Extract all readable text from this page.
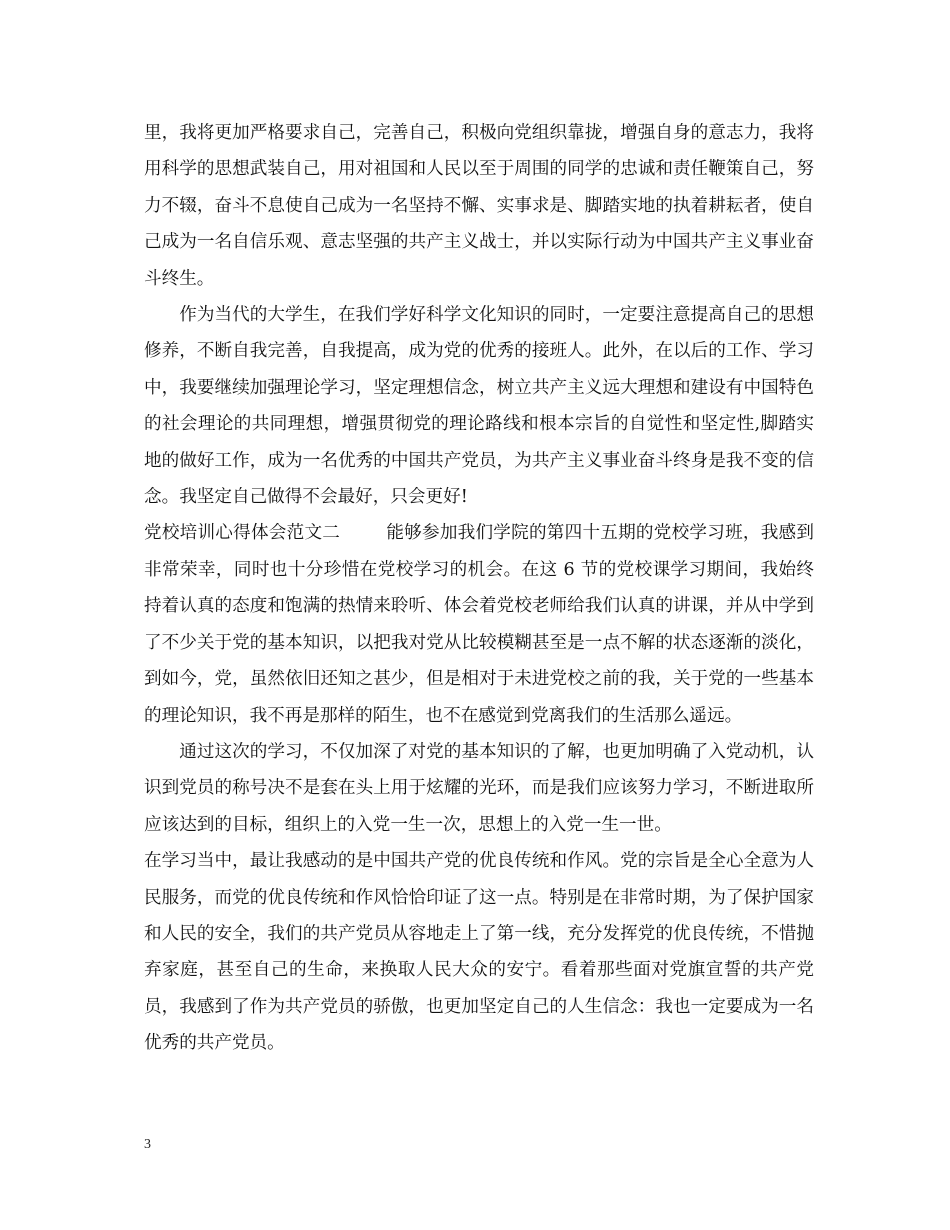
里，我将更加严格要求自己，完善自己，积极向党组织靠拢，增强自身的意志力，我将用科学的思想武装自己，用对祖国和人民以至于周围的同学的忠诚和责任鞭策自己，努力不辍，奋斗不息使自己成为一名坚持不懈、实事求是、脚踏实地的执着耕耘者，使自己成为一名自信乐观、意志坚强的共产主义战士，并以实际行动为中国共产主义事业奋斗终生。

作为当代的大学生，在我们学好科学文化知识的同时，一定要注意提高自己的思想修养，不断自我完善，自我提高，成为党的优秀的接班人。此外，在以后的工作、学习中，我要继续加强理论学习，坚定理想信念，树立共产主义远大理想和建设有中国特色的社会理论的共同理想，增强贯彻党的理论路线和根本宗旨的自觉性和坚定性,脚踏实地的做好工作，成为一名优秀的中国共产党员，为共产主义事业奋斗终身是我不变的信念。我坚定自己做得不会最好，只会更好!

党校培训心得体会范文二	能够参加我们学院的第四十五期的党校学习班，我感到非常荣幸，同时也十分珍惜在党校学习的机会。在这 6 节的党校课学习期间，我始终持着认真的态度和饱满的热情来聆听、体会着党校老师给我们认真的讲课，并从中学到了不少关于党的基本知识，以把我对党从比较模糊甚至是一点不解的状态逐渐的淡化，到如今，党，虽然依旧还知之甚少，但是相对于未进党校之前的我，关于党的一些基本的理论知识，我不再是那样的陌生，也不在感觉到党离我们的生活那么遥远。

通过这次的学习，不仅加深了对党的基本知识的了解，也更加明确了入党动机，认识到党员的称号决不是套在头上用于炫耀的光环，而是我们应该努力学习，不断进取所应该达到的目标，组织上的入党一生一次，思想上的入党一生一世。

在学习当中，最让我感动的是中国共产党的优良传统和作风。党的宗旨是全心全意为人民服务，而党的优良传统和作风恰恰印证了这一点。特别是在非常时期，为了保护国家和人民的安全，我们的共产党员从容地走上了第一线，充分发挥党的优良传统，不惜抛弃家庭，甚至自己的生命，来换取人民大众的安宁。看着那些面对党旗宣誓的共产党员，我感到了作为共产党员的骄傲，也更加坚定自己的人生信念：我也一定要成为一名优秀的共产党员。

3
